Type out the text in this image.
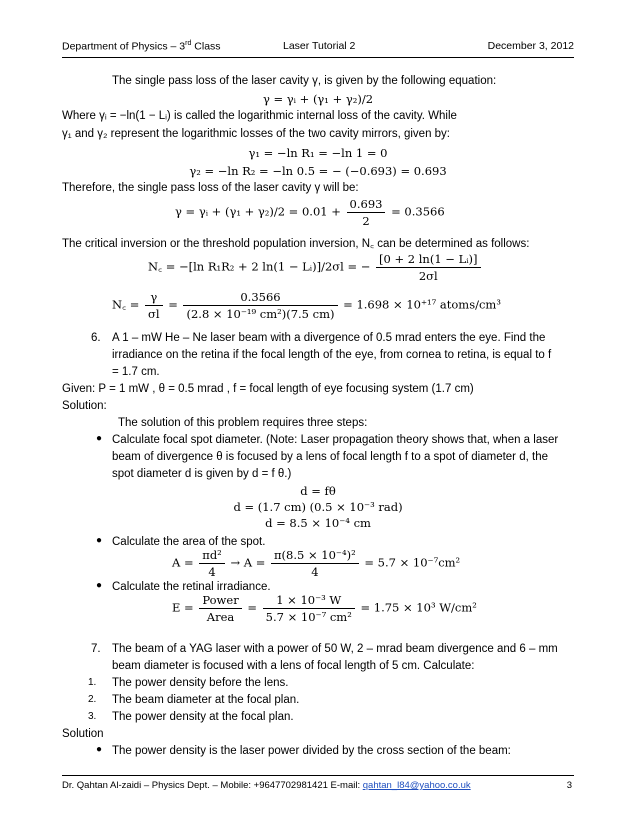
Department of Physics – 3rd Class	Laser Tutorial 2	December 3, 2012
The single pass loss of the laser cavity γ, is given by the following equation:
γ = γᵢ + (γ₁ + γ₂)/2
Where γᵢ = −ln(1 − Lᵢ) is called the logarithmic internal loss of the cavity. While
γ₁ and γ₂ represent the logarithmic losses of the two cavity mirrors, given by:
γ₁ = −ln R₁ = −ln 1 = 0
γ₂ = −ln R₂ = −ln 0.5 = − (−0.693) = 0.693
Therefore, the single pass loss of the laser cavity γ will be:
γ = γᵢ + $(\gamma_1 + \gamma_2)/2 = 0.01 + \frac{0.693}{2} = 0.3566$
The critical inversion or the threshold population inversion, N꜀ can be determined as follows:
N꜀ = −[ln R₁R₂ + 2 ln(1 − Lᵢ)]/2σl = − $\frac{\text{[0 + 2 ln(1 − Lᵢ)]}}{2\sigma l}$
N꜀ = $\frac{\gamma}{\sigma l} = \frac{0.3566}{\text{(2.8 × 10⁻¹⁹ cm²)(7.5 cm)}} = 1.698 \times 10^{+17}$ atoms/cm³
6. A 1 – mW He – Ne laser beam with a divergence of 0.5 mrad enters the eye. Find the
irradiance on the retina if the focal length of the eye, from cornea to retina, is equal to f
= 1.7 cm.
Given: P = 1 mW , θ = 0.5 mrad , f = focal length of eye focusing system (1.7 cm)
Solution:
The solution of this problem requires three steps:
● Calculate focal spot diameter. (Note: Laser propagation theory shows that, when a laser
beam of divergence θ is focused by a lens of focal length f to a spot of diameter d, the
spot diameter d is given by d = f θ.)
d = fθ
d = (1.7 cm) (0.5 × 10⁻³ rad)
d = 8.5 × 10⁻⁴ cm
● Calculate the area of the spot.
$A = \frac{\text{πd²}}{4} \to A = \frac{\text{π(8.5 × 10⁻⁴)²}}{4} = 5.7 \times 10^{-7}cm^2$
● Calculate the retinal irradiance.
$E = \frac{\text{Power}}{\text{Area}} = \frac{\text{1 × 10⁻³ W}}{\text{5.7 × 10⁻⁷ cm²}} = 1.75 \times 10^3$ W/cm²
7. The beam of a YAG laser with a power of 50 W, 2 – mrad beam divergence and 6 – mm
beam diameter is focused with a lens of focal length of 5 cm. Calculate:
1. The power density before the lens.
2. The beam diameter at the focal plan.
3. The power density at the focal plan.
Solution
● The power density is the laser power divided by the cross section of the beam:
Dr. Qahtan Al-zaidi – Physics Dept. – Mobile: +9647702981421 E-mail: qahtan_l84@yahoo.co.uk	3
